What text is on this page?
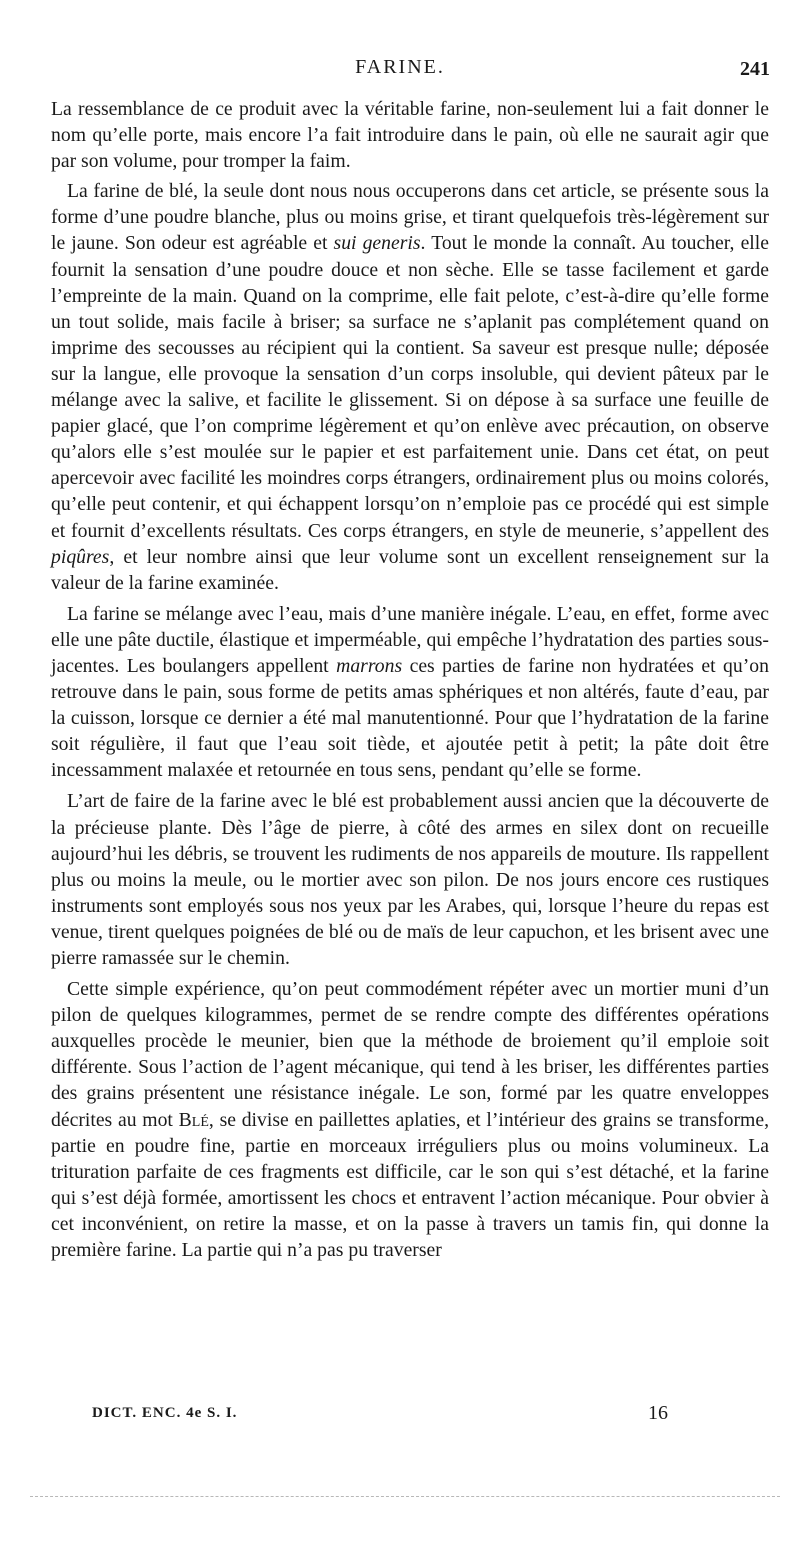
FARINE.	241

La ressemblance de ce produit avec la véritable farine, non-seulement lui a fait donner le nom qu’elle porte, mais encore l’a fait introduire dans le pain, où elle ne saurait agir que par son volume, pour tromper la faim.

La farine de blé, la seule dont nous nous occuperons dans cet article, se présente sous la forme d’une poudre blanche, plus ou moins grise, et tirant quelquefois très-légèrement sur le jaune. Son odeur est agréable et sui generis. Tout le monde la connaît. Au toucher, elle fournit la sensation d’une poudre douce et non sèche. Elle se tasse facilement et garde l’empreinte de la main. Quand on la comprime, elle fait pelote, c’est-à-dire qu’elle forme un tout solide, mais facile à briser; sa surface ne s’aplanit pas complétement quand on imprime des secousses au récipient qui la contient. Sa saveur est presque nulle; déposée sur la langue, elle provoque la sensation d’un corps insoluble, qui devient pâteux par le mélange avec la salive, et facilite le glissement. Si on dépose à sa surface une feuille de papier glacé, que l’on comprime légèrement et qu’on enlève avec précaution, on observe qu’alors elle s’est moulée sur le papier et est parfaitement unie. Dans cet état, on peut apercevoir avec facilité les moindres corps étrangers, ordinairement plus ou moins colorés, qu’elle peut contenir, et qui échappent lorsqu’on n’emploie pas ce procédé qui est simple et fournit d’excellents résultats. Ces corps étrangers, en style de meunerie, s’appellent des piqûres, et leur nombre ainsi que leur volume sont un excellent renseignement sur la valeur de la farine examinée.

La farine se mélange avec l’eau, mais d’une manière inégale. L’eau, en effet, forme avec elle une pâte ductile, élastique et imperméable, qui empêche l’hydratation des parties sous-jacentes. Les boulangers appellent marrons ces parties de farine non hydratées et qu’on retrouve dans le pain, sous forme de petits amas sphériques et non altérés, faute d’eau, par la cuisson, lorsque ce dernier a été mal manutentionné. Pour que l’hydratation de la farine soit régulière, il faut que l’eau soit tiède, et ajoutée petit à petit; la pâte doit être incessamment malaxée et retournée en tous sens, pendant qu’elle se forme.

L’art de faire de la farine avec le blé est probablement aussi ancien que la découverte de la précieuse plante. Dès l’âge de pierre, à côté des armes en silex dont on recueille aujourd’hui les débris, se trouvent les rudiments de nos appareils de mouture. Ils rappellent plus ou moins la meule, ou le mortier avec son pilon. De nos jours encore ces rustiques instruments sont employés sous nos yeux par les Arabes, qui, lorsque l’heure du repas est venue, tirent quelques poignées de blé ou de maïs de leur capuchon, et les brisent avec une pierre ramassée sur le chemin.

Cette simple expérience, qu’on peut commodément répéter avec un mortier muni d’un pilon de quelques kilogrammes, permet de se rendre compte des différentes opérations auxquelles procède le meunier, bien que la méthode de broiement qu’il emploie soit différente. Sous l’action de l’agent mécanique, qui tend à les briser, les différentes parties des grains présentent une résistance inégale. Le son, formé par les quatre enveloppes décrites au mot Blé, se divise en paillettes aplaties, et l’intérieur des grains se transforme, partie en poudre fine, partie en morceaux irréguliers plus ou moins volumineux. La trituration parfaite de ces fragments est difficile, car le son qui s’est détaché, et la farine qui s’est déjà formée, amortissent les chocs et entravent l’action mécanique. Pour obvier à cet inconvénient, on retire la masse, et on la passe à travers un tamis fin, qui donne la première farine. La partie qui n’a pas pu traverser

DICT. ENC. 4e S. I.	16
